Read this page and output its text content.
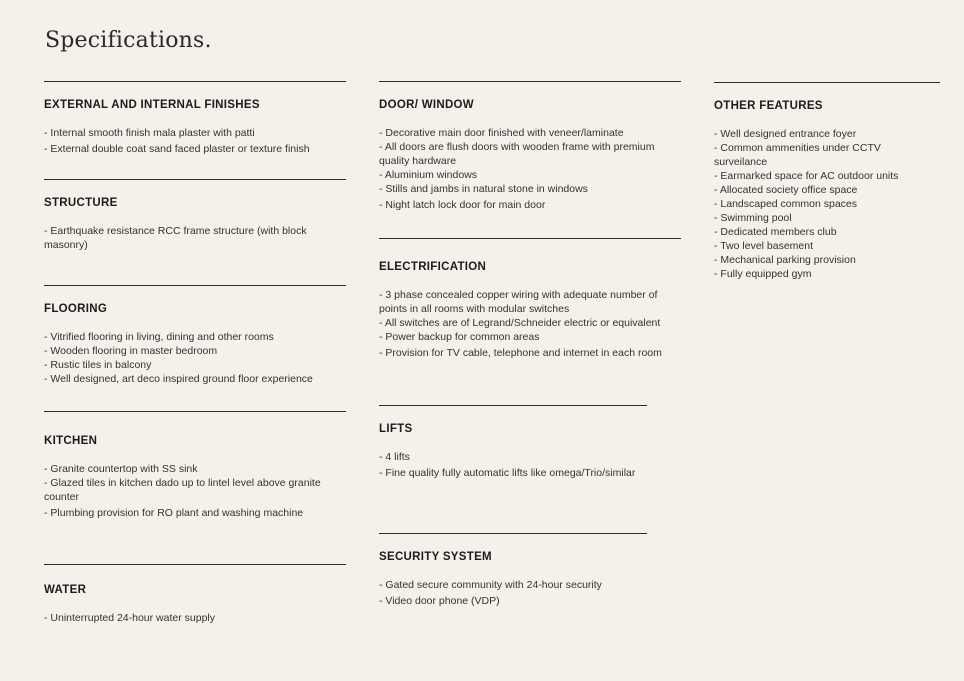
Specifications.
EXTERNAL AND INTERNAL FINISHES
- Internal smooth finish mala plaster with patti
- External double coat sand faced plaster or texture finish
STRUCTURE
- Earthquake resistance RCC frame structure (with block masonry)
FLOORING
- Vitrified flooring in living, dining and other rooms
- Wooden flooring in master bedroom
- Rustic tiles in balcony
- Well designed, art deco inspired ground floor experience
KITCHEN
- Granite countertop with SS sink
- Glazed tiles in kitchen dado up to lintel level above granite counter
- Plumbing provision for RO plant and washing machine
WATER
- Uninterrupted 24-hour water supply
DOOR/ WINDOW
- Decorative main door finished with veneer/laminate
- All doors are flush doors with wooden frame with premium quality hardware
- Aluminium windows
- Stills and jambs in natural stone in windows
- Night latch lock door for main door
ELECTRIFICATION
- 3 phase concealed copper wiring with adequate number of points in all rooms with modular switches
- All switches are of Legrand/Schneider electric or equivalent
- Power backup for common areas
- Provision for TV cable, telephone and internet in each room
LIFTS
- 4 lifts
- Fine quality fully automatic lifts like omega/Trio/similar
SECURITY SYSTEM
- Gated secure community with 24-hour security
- Video door phone (VDP)
OTHER FEATURES
- Well designed entrance foyer
- Common ammenities under CCTV surveilance
- Earmarked space for AC outdoor units
- Allocated society office space
- Landscaped common spaces
- Swimming pool
- Dedicated members club
- Two level basement
- Mechanical parking provision
- Fully equipped gym
